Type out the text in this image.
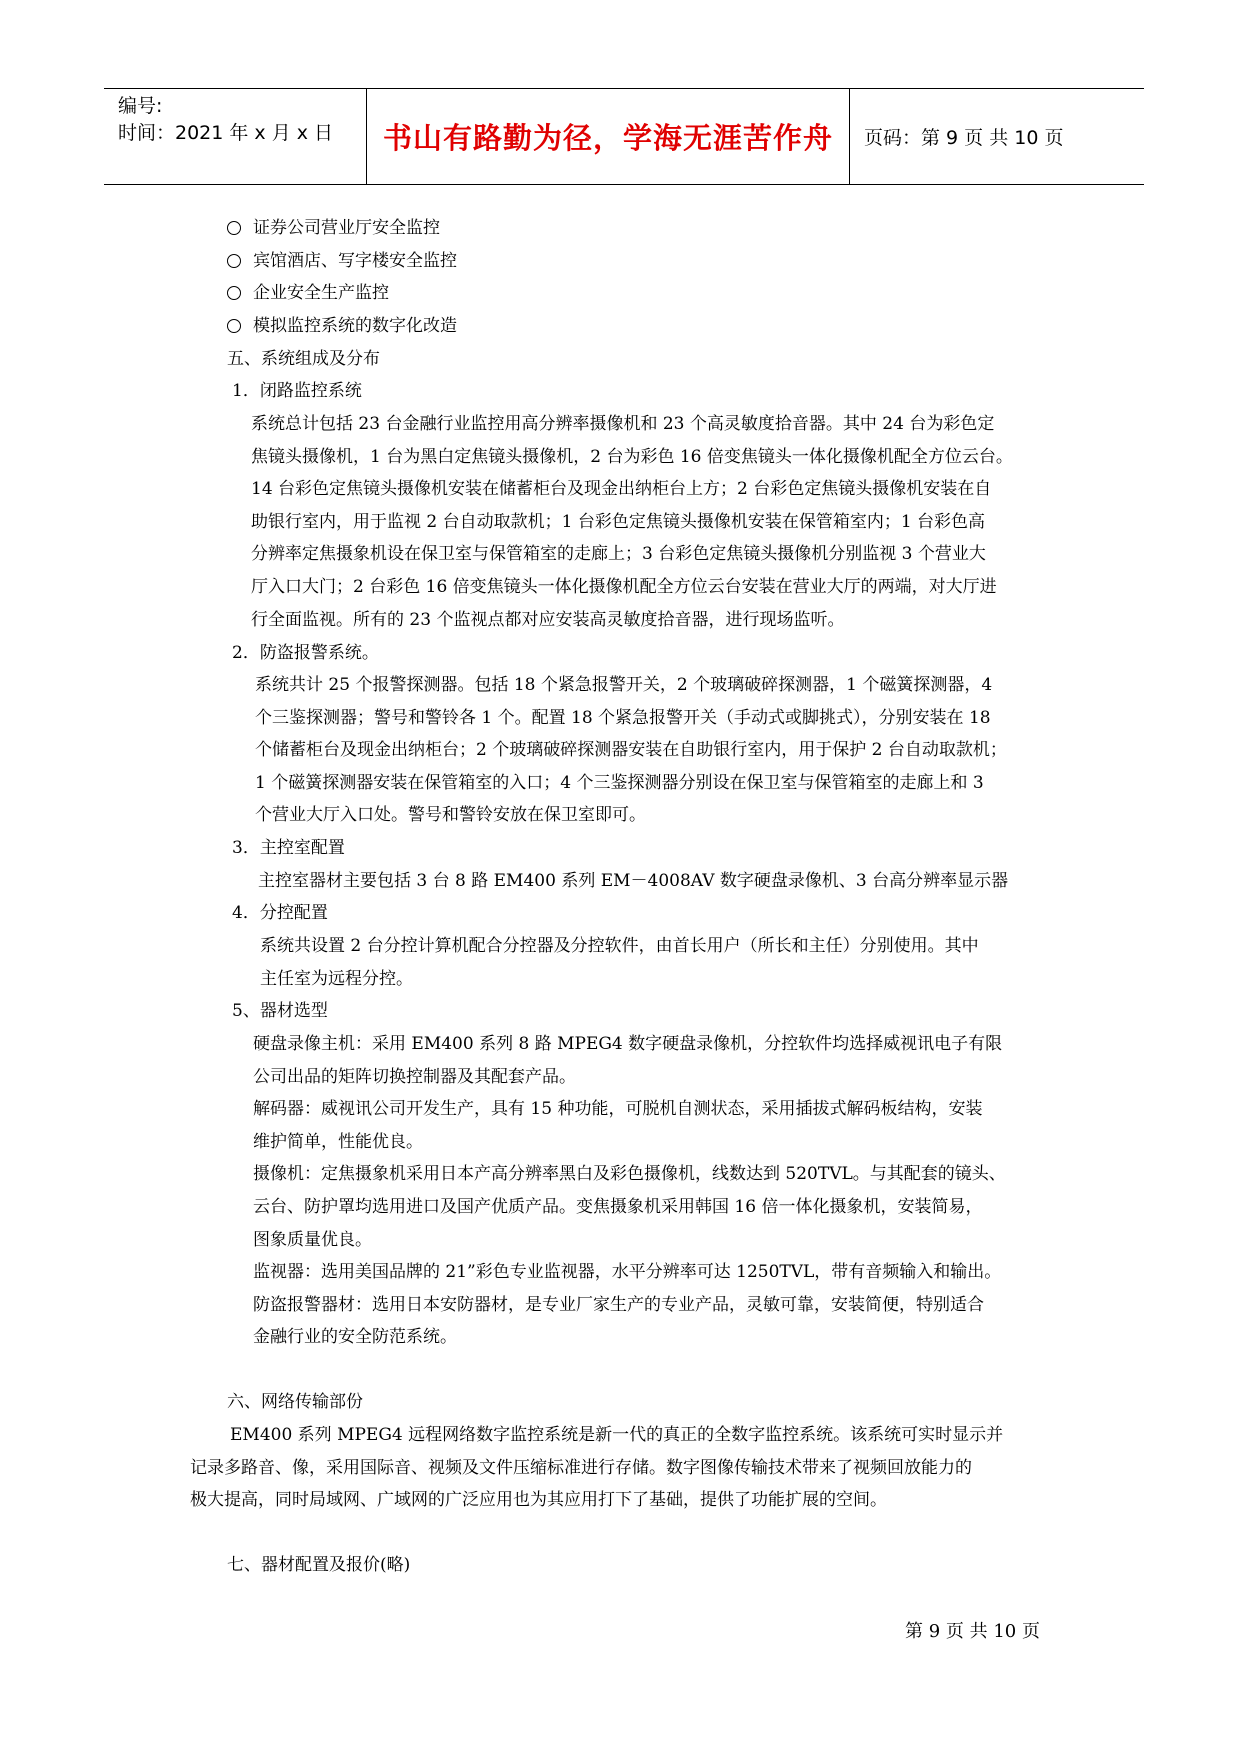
编号:
时间：2021 年 x 月 x 日	书山有路勤为径，学海无涯苦作舟	页码：第 9 页 共 10 页
证券公司营业厅安全监控
宾馆酒店、写字楼安全监控
企业安全生产监控
模拟监控系统的数字化改造
五、系统组成及分布
1．闭路监控系统
系统总计包括 23 台金融行业监控用高分辨率摄像机和 23 个高灵敏度拾音器。其中 24 台为彩色定
焦镜头摄像机，1 台为黑白定焦镜头摄像机，2 台为彩色 16 倍变焦镜头一体化摄像机配全方位云台。
14 台彩色定焦镜头摄像机安装在储蓄柜台及现金出纳柜台上方；2 台彩色定焦镜头摄像机安装在自
助银行室内，用于监视 2 台自动取款机；1 台彩色定焦镜头摄像机安装在保管箱室内；1 台彩色高
分辨率定焦摄象机设在保卫室与保管箱室的走廊上；3 台彩色定焦镜头摄像机分别监视 3 个营业大
厅入口大门；2 台彩色 16 倍变焦镜头一体化摄像机配全方位云台安装在营业大厅的两端，对大厅进
行全面监视。所有的 23 个监视点都对应安装高灵敏度拾音器，进行现场监听。
2．防盗报警系统。
系统共计 25 个报警探测器。包括 18 个紧急报警开关，2 个玻璃破碎探测器，1 个磁簧探测器，4
个三鉴探测器；警号和警铃各 1 个。配置 18 个紧急报警开关（手动式或脚挑式），分别安装在 18
个储蓄柜台及现金出纳柜台；2 个玻璃破碎探测器安装在自助银行室内，用于保护 2 台自动取款机；
1 个磁簧探测器安装在保管箱室的入口；4 个三鉴探测器分别设在保卫室与保管箱室的走廊上和 3
个营业大厅入口处。警号和警铃安放在保卫室即可。
3．主控室配置
主控室器材主要包括 3 台 8 路 EM400 系列 EM－4008AV 数字硬盘录像机、3 台高分辨率显示器
4．分控配置
系统共设置 2 台分控计算机配合分控器及分控软件，由首长用户（所长和主任）分别使用。其中
主任室为远程分控。
5、器材选型
硬盘录像主机：采用 EM400 系列 8 路 MPEG4 数字硬盘录像机，分控软件均选择威视讯电子有限
公司出品的矩阵切换控制器及其配套产品。
解码器：威视讯公司开发生产，具有 15 种功能，可脱机自测状态，采用插拔式解码板结构，安装
维护简单，性能优良。
摄像机：定焦摄象机采用日本产高分辨率黑白及彩色摄像机，线数达到 520TVL。与其配套的镜头、
云台、防护罩均选用进口及国产优质产品。变焦摄象机采用韩国 16 倍一体化摄象机，安装简易，
图象质量优良。
监视器：选用美国品牌的 21”彩色专业监视器，水平分辨率可达 1250TVL，带有音频输入和输出。
防盗报警器材：选用日本安防器材，是专业厂家生产的专业产品，灵敏可靠，安装简便，特别适合
金融行业的安全防范系统。
六、网络传输部份
EM400 系列 MPEG4 远程网络数字监控系统是新一代的真正的全数字监控系统。该系统可实时显示并
记录多路音、像，采用国际音、视频及文件压缩标准进行存储。数字图像传输技术带来了视频回放能力的
极大提高，同时局域网、广域网的广泛应用也为其应用打下了基础，提供了功能扩展的空间。
七、器材配置及报价(略)
第 9 页 共 10 页
